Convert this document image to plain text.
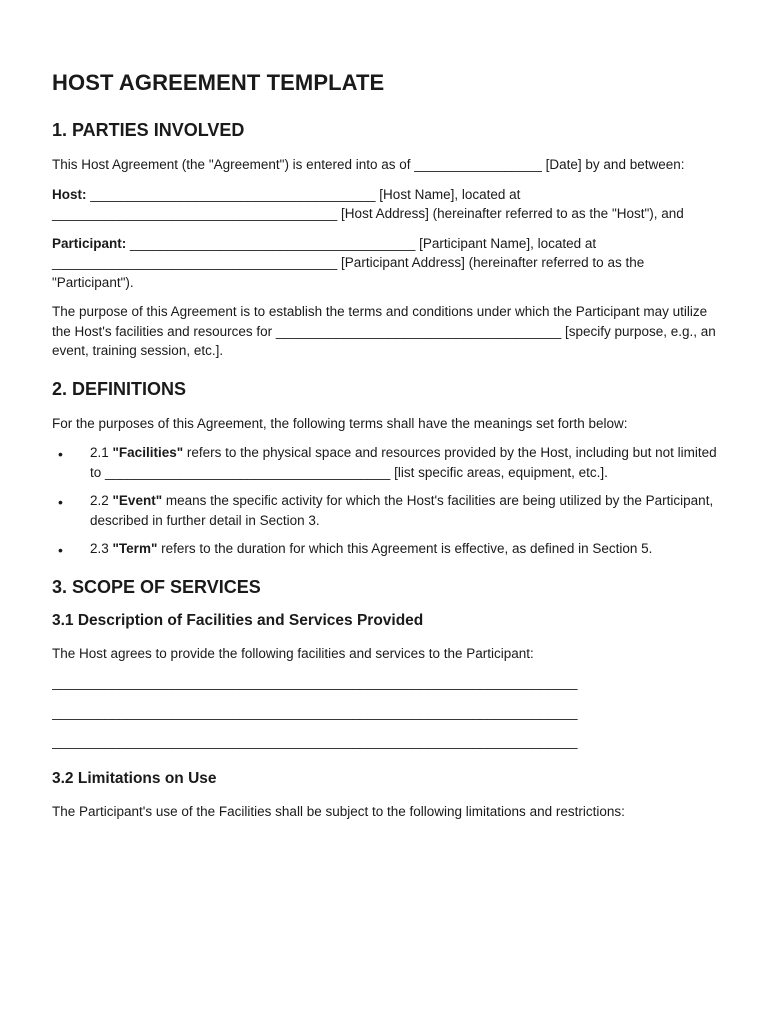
HOST AGREEMENT TEMPLATE
1. PARTIES INVOLVED

This Host Agreement (the "Agreement") is entered into as of _________________ [Date] by and between:

Host: ______________________________________ [Host Name], located at ______________________________________ [Host Address] (hereinafter referred to as the "Host"), and

Participant: ______________________________________ [Participant Name], located at ______________________________________ [Participant Address] (hereinafter referred to as the "Participant").

The purpose of this Agreement is to establish the terms and conditions under which the Participant may utilize the Host's facilities and resources for ______________________________________ [specify purpose, e.g., an event, training session, etc.].

2. DEFINITIONS

For the purposes of this Agreement, the following terms shall have the meanings set forth below:

• 2.1 "Facilities" refers to the physical space and resources provided by the Host, including but not limited to ______________________________________ [list specific areas, equipment, etc.].
• 2.2 "Event" means the specific activity for which the Host's facilities are being utilized by the Participant, described in further detail in Section 3.
• 2.3 "Term" refers to the duration for which this Agreement is effective, as defined in Section 5.
3. SCOPE OF SERVICES
3.1 Description of Facilities and Services Provided

The Host agrees to provide the following facilities and services to the Participant:

______________________________________________________________________
______________________________________________________________________
______________________________________________________________________
3.2 Limitations on Use

The Participant's use of the Facilities shall be subject to the following limitations and restrictions:
